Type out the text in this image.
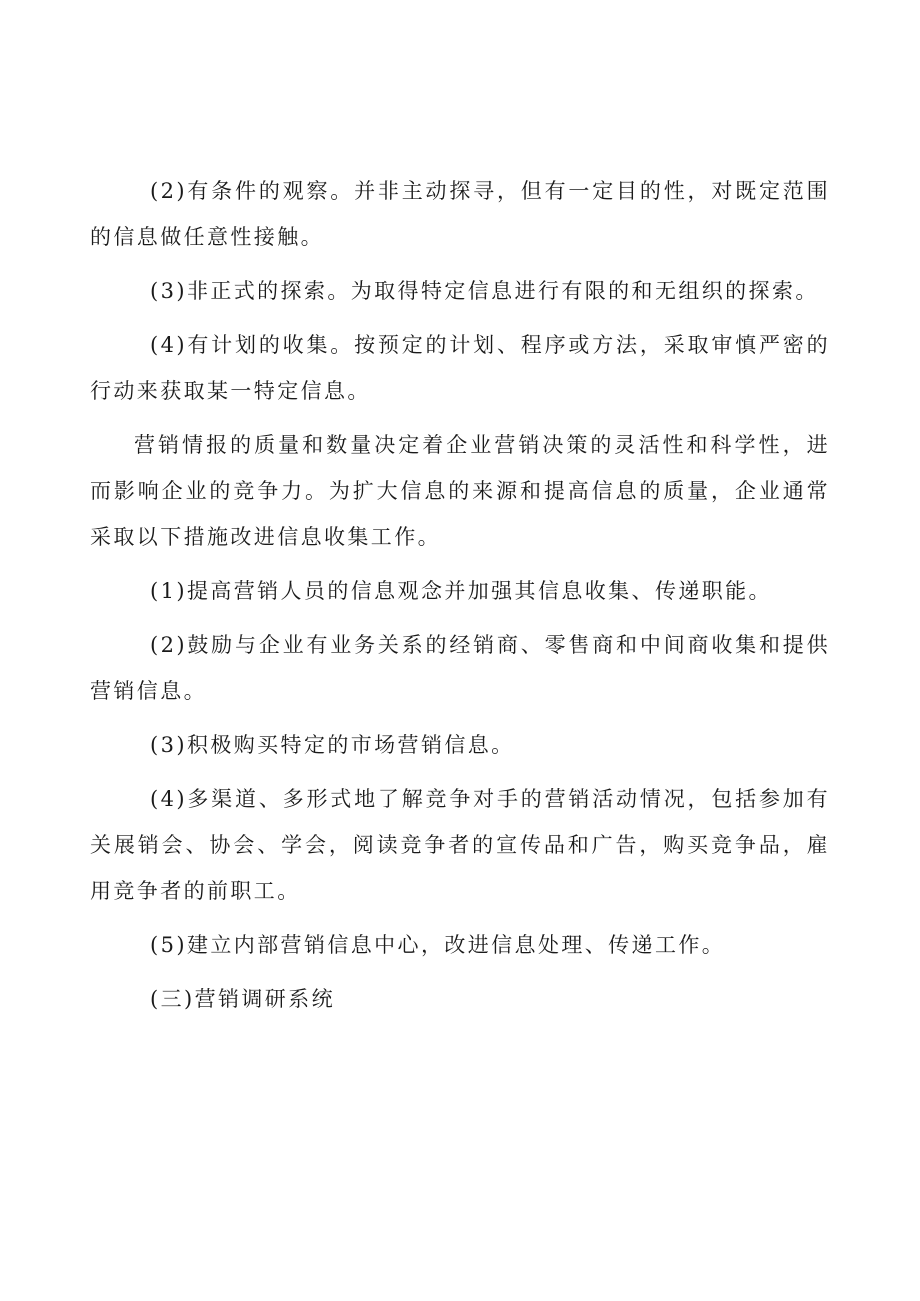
(2)有条件的观察。并非主动探寻，但有一定目的性，对既定范围的信息做任意性接触。

(3)非正式的探索。为取得特定信息进行有限的和无组织的探索。

(4)有计划的收集。按预定的计划、程序或方法，采取审慎严密的行动来获取某一特定信息。

营销情报的质量和数量决定着企业营销决策的灵活性和科学性，进而影响企业的竞争力。为扩大信息的来源和提高信息的质量，企业通常采取以下措施改进信息收集工作。

(1)提高营销人员的信息观念并加强其信息收集、传递职能。

(2)鼓励与企业有业务关系的经销商、零售商和中间商收集和提供营销信息。

(3)积极购买特定的市场营销信息。

(4)多渠道、多形式地了解竞争对手的营销活动情况，包括参加有关展销会、协会、学会，阅读竞争者的宣传品和广告，购买竞争品，雇用竞争者的前职工。

(5)建立内部营销信息中心，改进信息处理、传递工作。

(三)营销调研系统
